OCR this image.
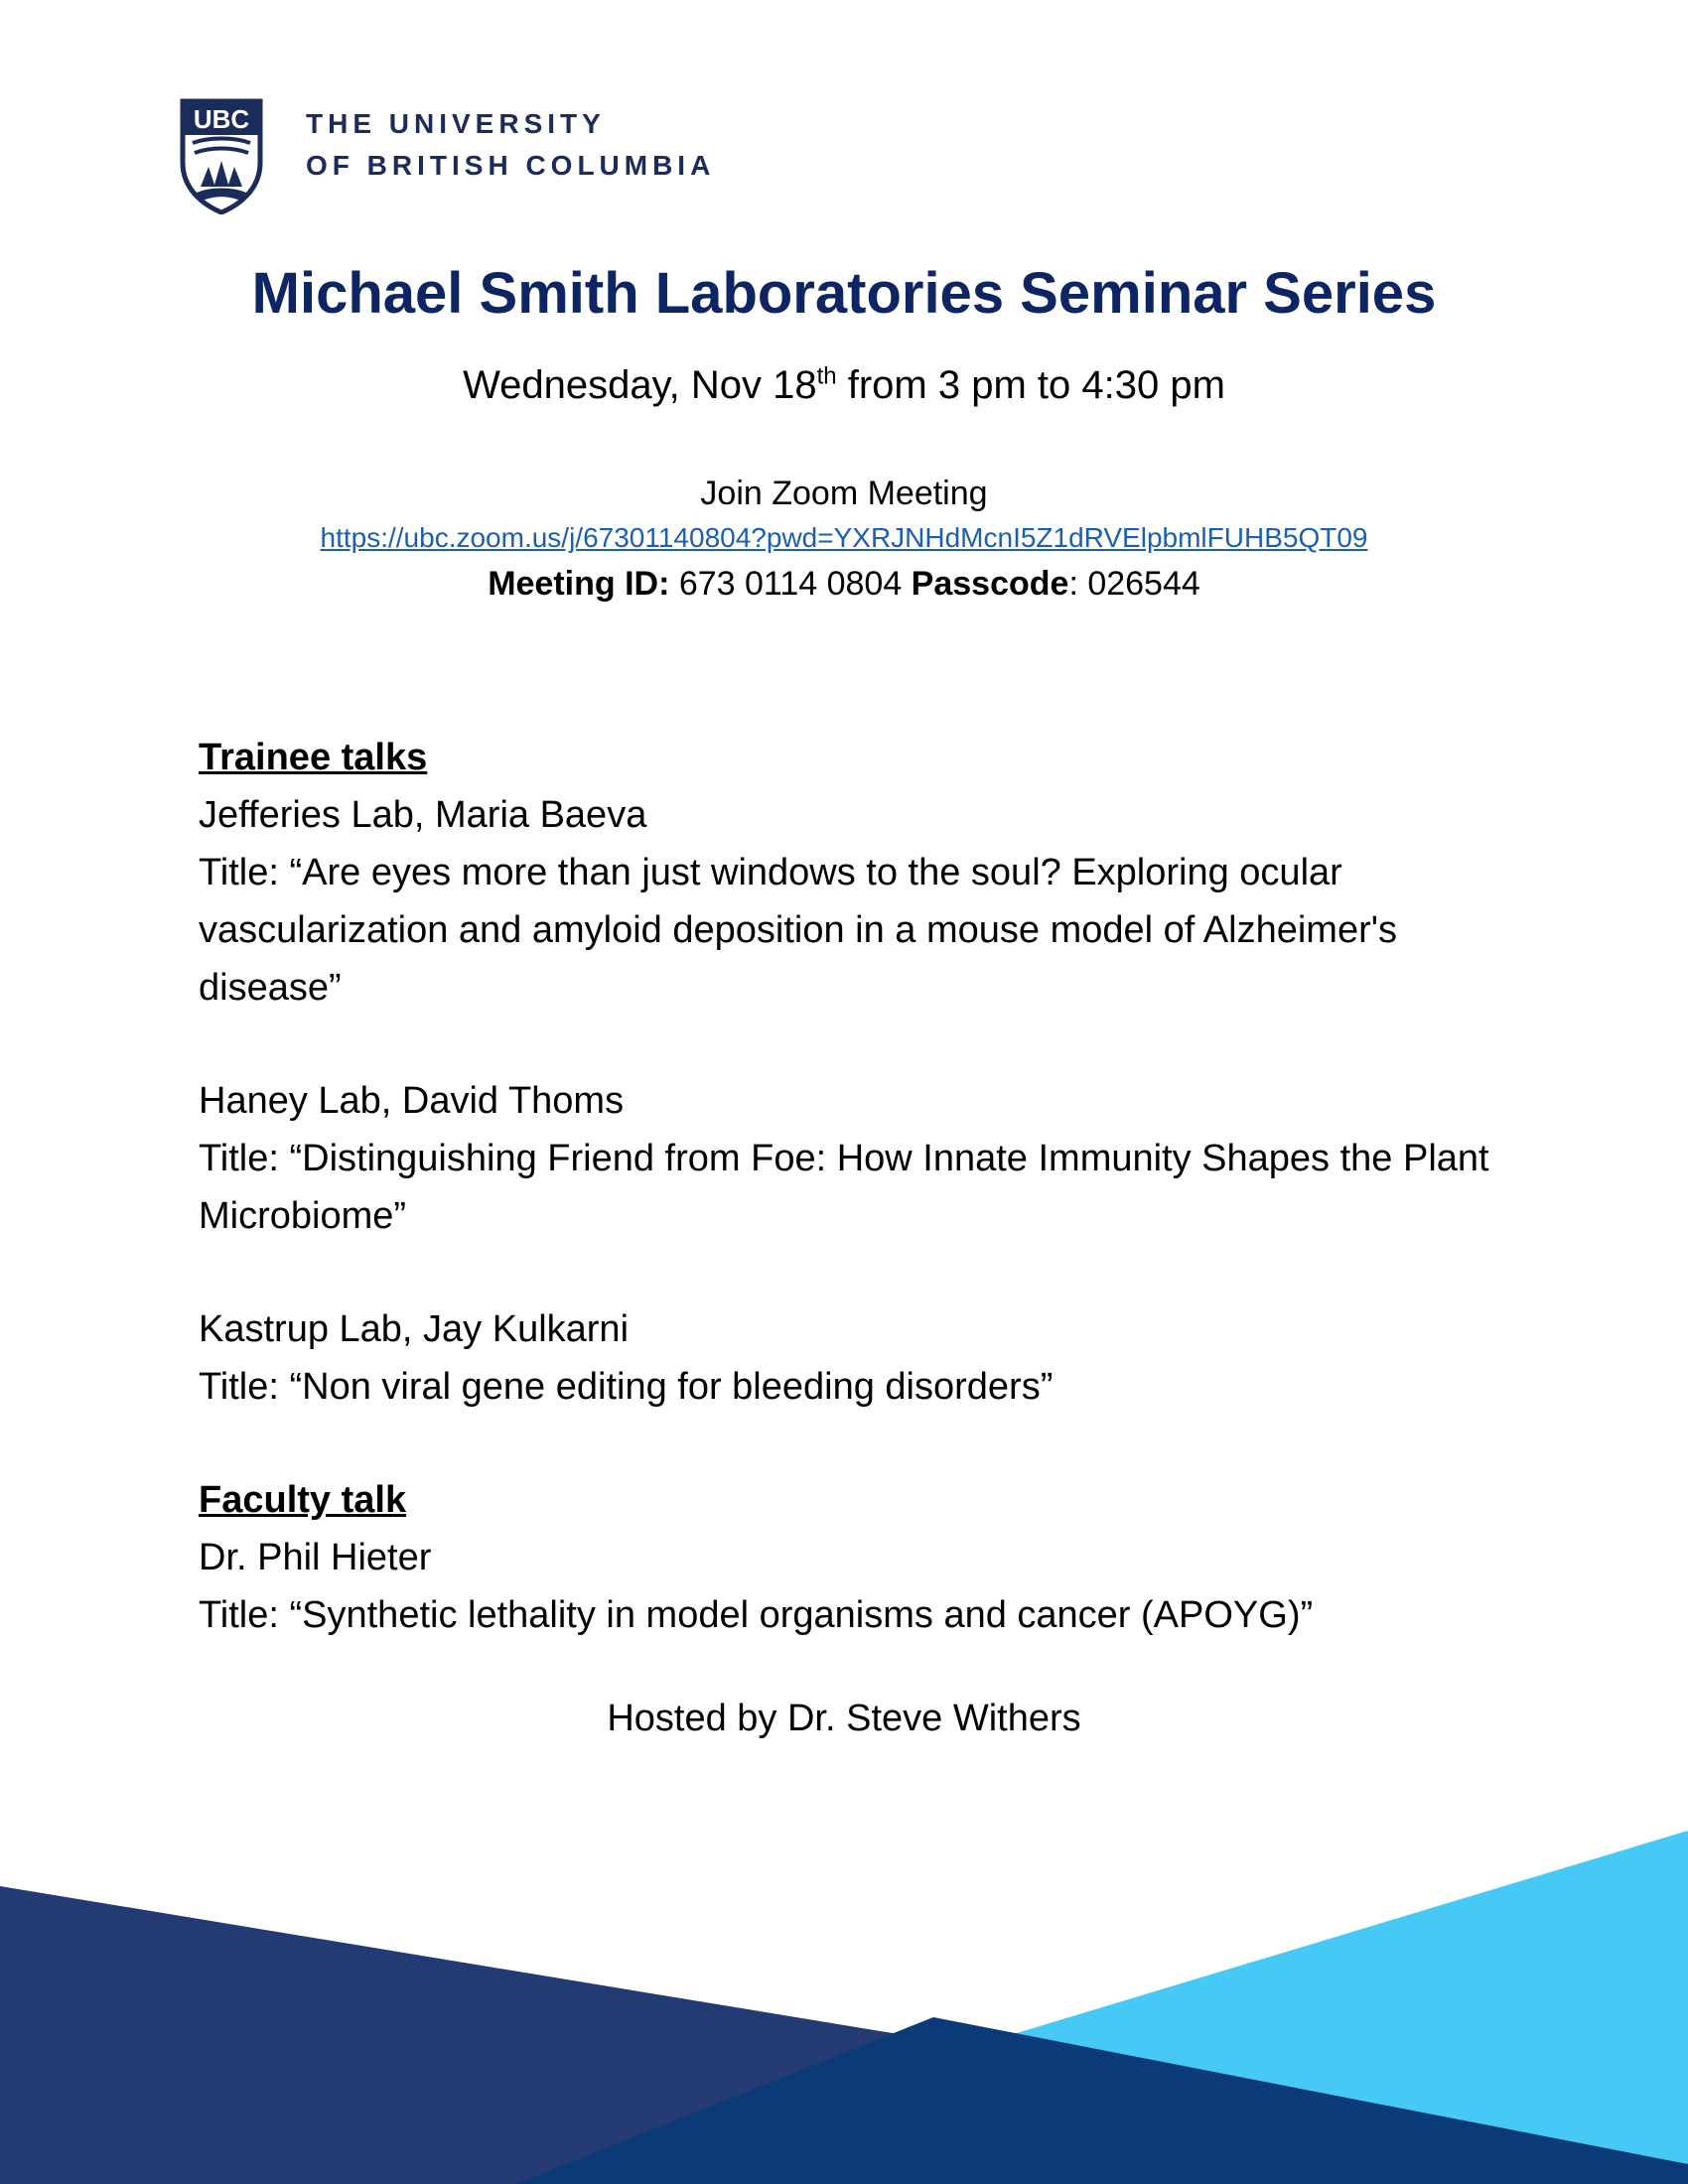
UBC THE UNIVERSITY
OF BRITISH COLUMBIA
Michael Smith Laboratories Seminar Series
Wednesday, Nov 18th from 3 pm to 4:30 pm
Join Zoom Meeting
https://ubc.zoom.us/j/67301140804?pwd=YXRJNHdMcnI5Z1dRVElpbmlFUHB5QT09
Meeting ID: 673 0114 0804 Passcode: 026544
Trainee talks
Jefferies Lab, Maria Baeva
Title: “Are eyes more than just windows to the soul? Exploring ocular vascularization and amyloid deposition in a mouse model of Alzheimer's disease”
Haney Lab, David Thoms
Title: “Distinguishing Friend from Foe: How Innate Immunity Shapes the Plant Microbiome”
Kastrup Lab, Jay Kulkarni
Title: “Non viral gene editing for bleeding disorders”
Faculty talk
Dr. Phil Hieter
Title: “Synthetic lethality in model organisms and cancer (APOYG)”
Hosted by Dr. Steve Withers
